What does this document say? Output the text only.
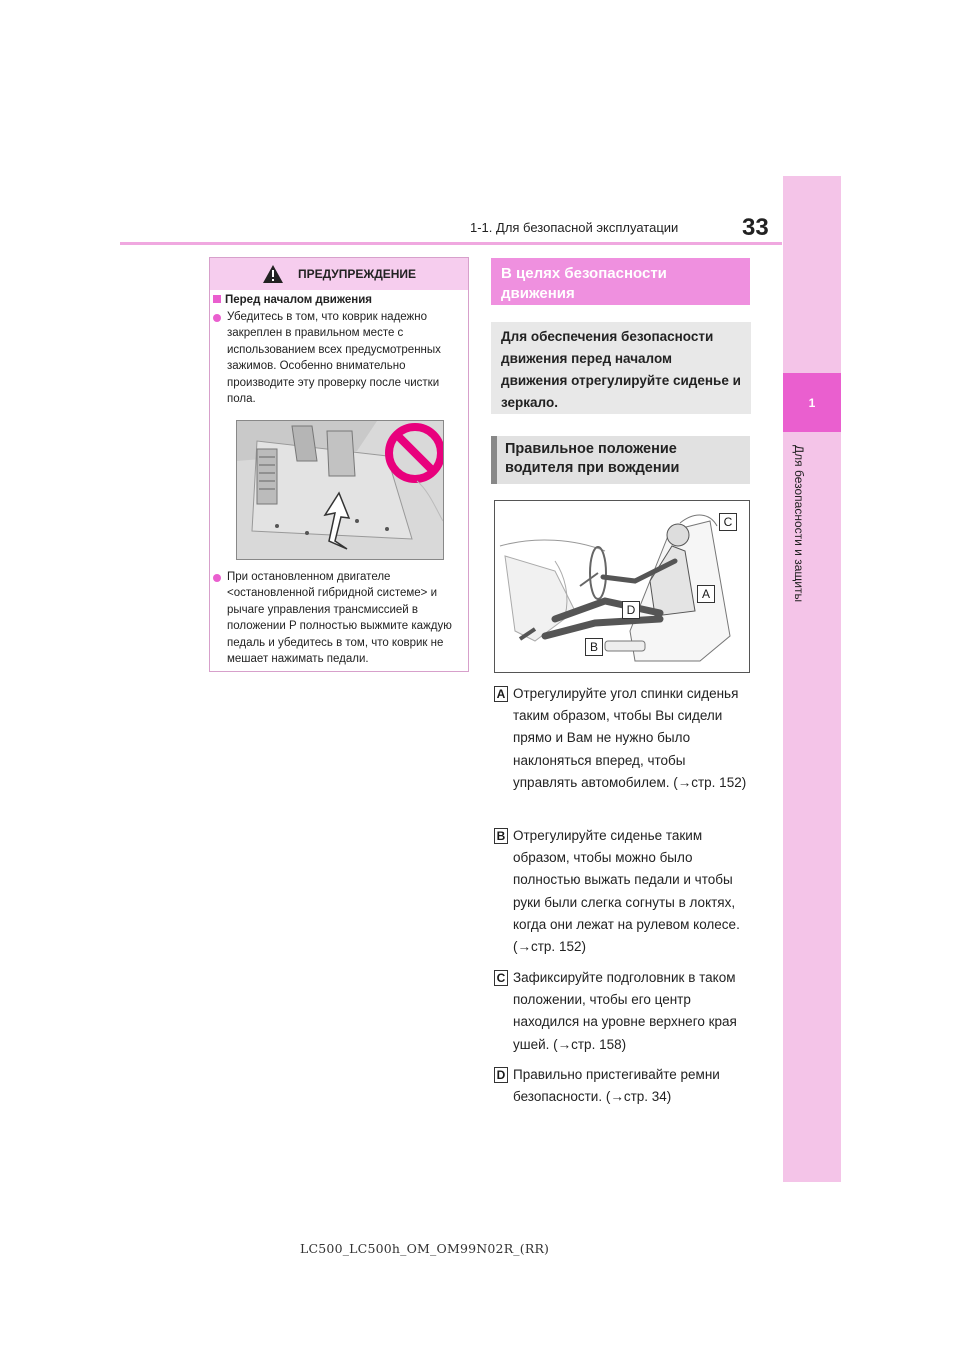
33
1-1. Для безопасной эксплуатации
1
Для безопасности и защиты
ПРЕДУПРЕЖДЕНИЕ
Перед началом движения
Убедитесь в том, что коврик надежно закреплен в правильном месте с использованием всех предусмотренных зажимов. Особенно внимательно производите эту проверку после чистки пола.
При остановленном двигателе <остановленной гибридной системе> и рычаге управления трансмиссией в положении P полностью выжмите каждую педаль и убедитесь в том, что коврик не мешает нажимать педали.
В целях безопасности движения
Для обеспечения безопасности движения перед началом движения отрегулируйте сиденье и зеркало.
Правильное положение водителя при вождении
C
A
D
B
A Отрегулируйте угол спинки сиденья таким образом, чтобы Вы сидели прямо и Вам не нужно было наклоняться вперед, чтобы управлять автомобилем. (→стр. 152)
B Отрегулируйте сиденье таким образом, чтобы можно было полностью выжать педали и чтобы руки были слегка согнуты в локтях, когда они лежат на рулевом колесе. (→стр. 152)
C Зафиксируйте подголовник в таком положении, чтобы его центр находился на уровне верхнего края ушей. (→стр. 158)
D Правильно пристегивайте ремни безопасности. (→стр. 34)
LC500_LC500h_OM_OM99N02R_(RR)
